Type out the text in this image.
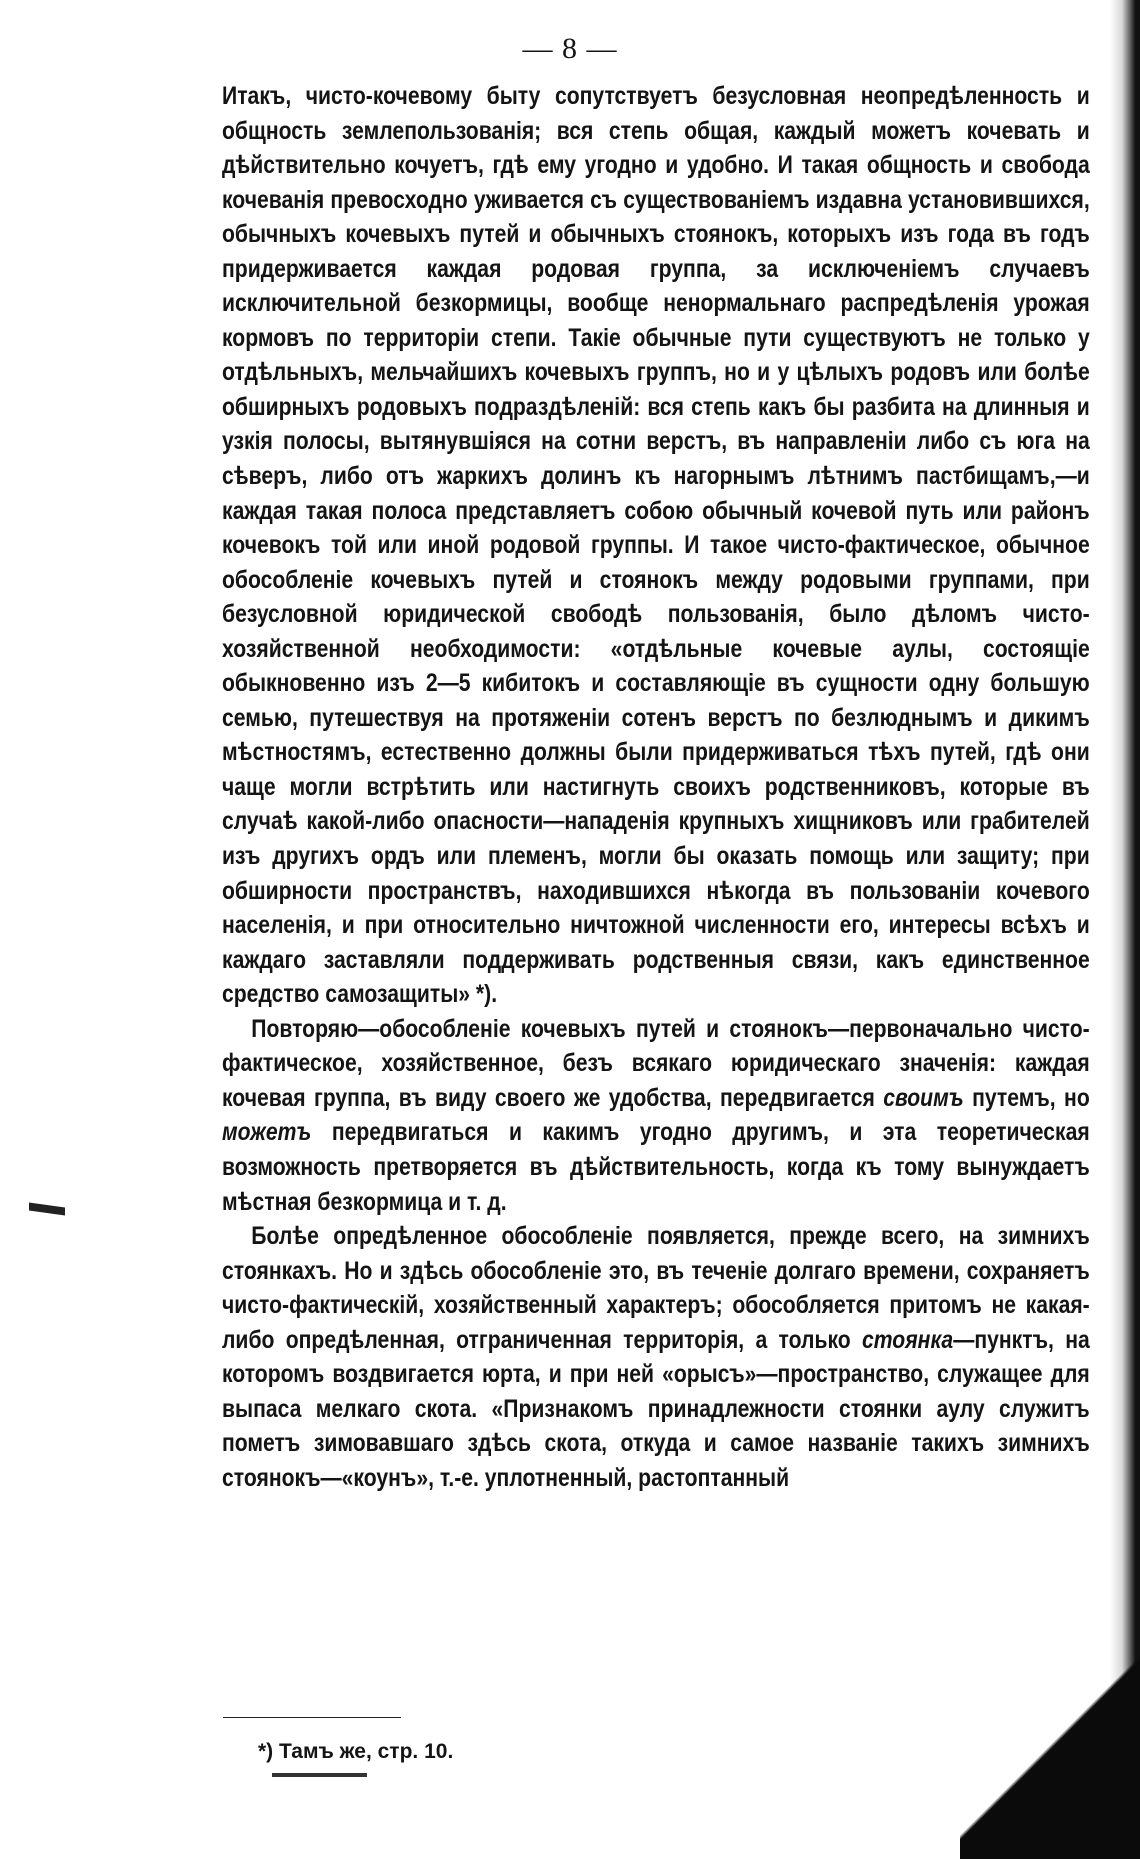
— 8 —

Итакъ, чисто-кочевому быту сопутствуетъ безусловная неопредѣленность и общность землепользованія; вся степь общая, каждый можетъ кочевать и дѣйствительно кочуетъ, гдѣ ему угодно и удобно. И такая общность и свобода кочеванія превосходно уживается съ существованіемъ издавна установившихся, обычныхъ кочевыхъ путей и обычныхъ стоянокъ, которыхъ изъ года въ годъ придерживается каждая родовая группа, за исключеніемъ случаевъ исключительной безкормицы, вообще ненормальнаго распредѣленія урожая кормовъ по территоріи степи. Такіе обычные пути существуютъ не только у отдѣльныхъ, мельчайшихъ кочевыхъ группъ, но и у цѣлыхъ родовъ или болѣе обширныхъ родовыхъ подраздѣленій: вся степь какъ бы разбита на длинныя и узкія полосы, вытянувшіяся на сотни верстъ, въ направленіи либо съ юга на сѣверъ, либо отъ жаркихъ долинъ къ нагорнымъ лѣтнимъ пастбищамъ,—и каждая такая полоса представляетъ собою обычный кочевой путь или районъ кочевокъ той или иной родовой группы. И такое чисто-фактическое, обычное обособленіе кочевыхъ путей и стоянокъ между родовыми группами, при безусловной юридической свободѣ пользованія, было дѣломъ чисто-хозяйственной необходимости: «отдѣльные кочевые аулы, состоящіе обыкновенно изъ 2—5 кибитокъ и составляющіе въ сущности одну большую семью, путешествуя на протяженіи сотенъ верстъ по безлюднымъ и дикимъ мѣстностямъ, естественно должны были придерживаться тѣхъ путей, гдѣ они чаще могли встрѣтить или настигнуть своихъ родственниковъ, которые въ случаѣ какой-либо опасности—нападенія крупныхъ хищниковъ или грабителей изъ другихъ ордъ или племенъ, могли бы оказать помощь или защиту; при обширности пространствъ, находившихся нѣкогда въ пользованіи кочевого населенія, и при относительно ничтожной численности его, интересы всѣхъ и каждаго заставляли поддерживать родственныя связи, какъ единственное средство самозащиты» *).

Повторяю—обособленіе кочевыхъ путей и стоянокъ—первоначально чисто-фактическое, хозяйственное, безъ всякаго юридическаго значенія: каждая кочевая группа, въ виду своего же удобства, передвигается своимъ путемъ, но можетъ передвигаться и какимъ угодно другимъ, и эта теоретическая возможность претворяется въ дѣйствительность, когда къ тому вынуждаетъ мѣстная безкормица и т. д.

Болѣе опредѣленное обособленіе появляется, прежде всего, на зимнихъ стоянкахъ. Но и здѣсь обособленіе это, въ теченіе долгаго времени, сохраняетъ чисто-фактическій, хозяйственный характеръ; обособляется притомъ не какая-либо опредѣленная, отграниченная территорія, а только стоянка—пунктъ, на которомъ воздвигается юрта, и при ней «орысъ»—пространство, служащее для выпаса мелкаго скота. «Признакомъ принадлежности стоянки аулу служитъ пометъ зимовавшаго здѣсь скота, откуда и самое названіе такихъ зимнихъ стоянокъ—«коунъ», т.-е. уплотненный, растоптанный

*) Тамъ же, стр. 10.
